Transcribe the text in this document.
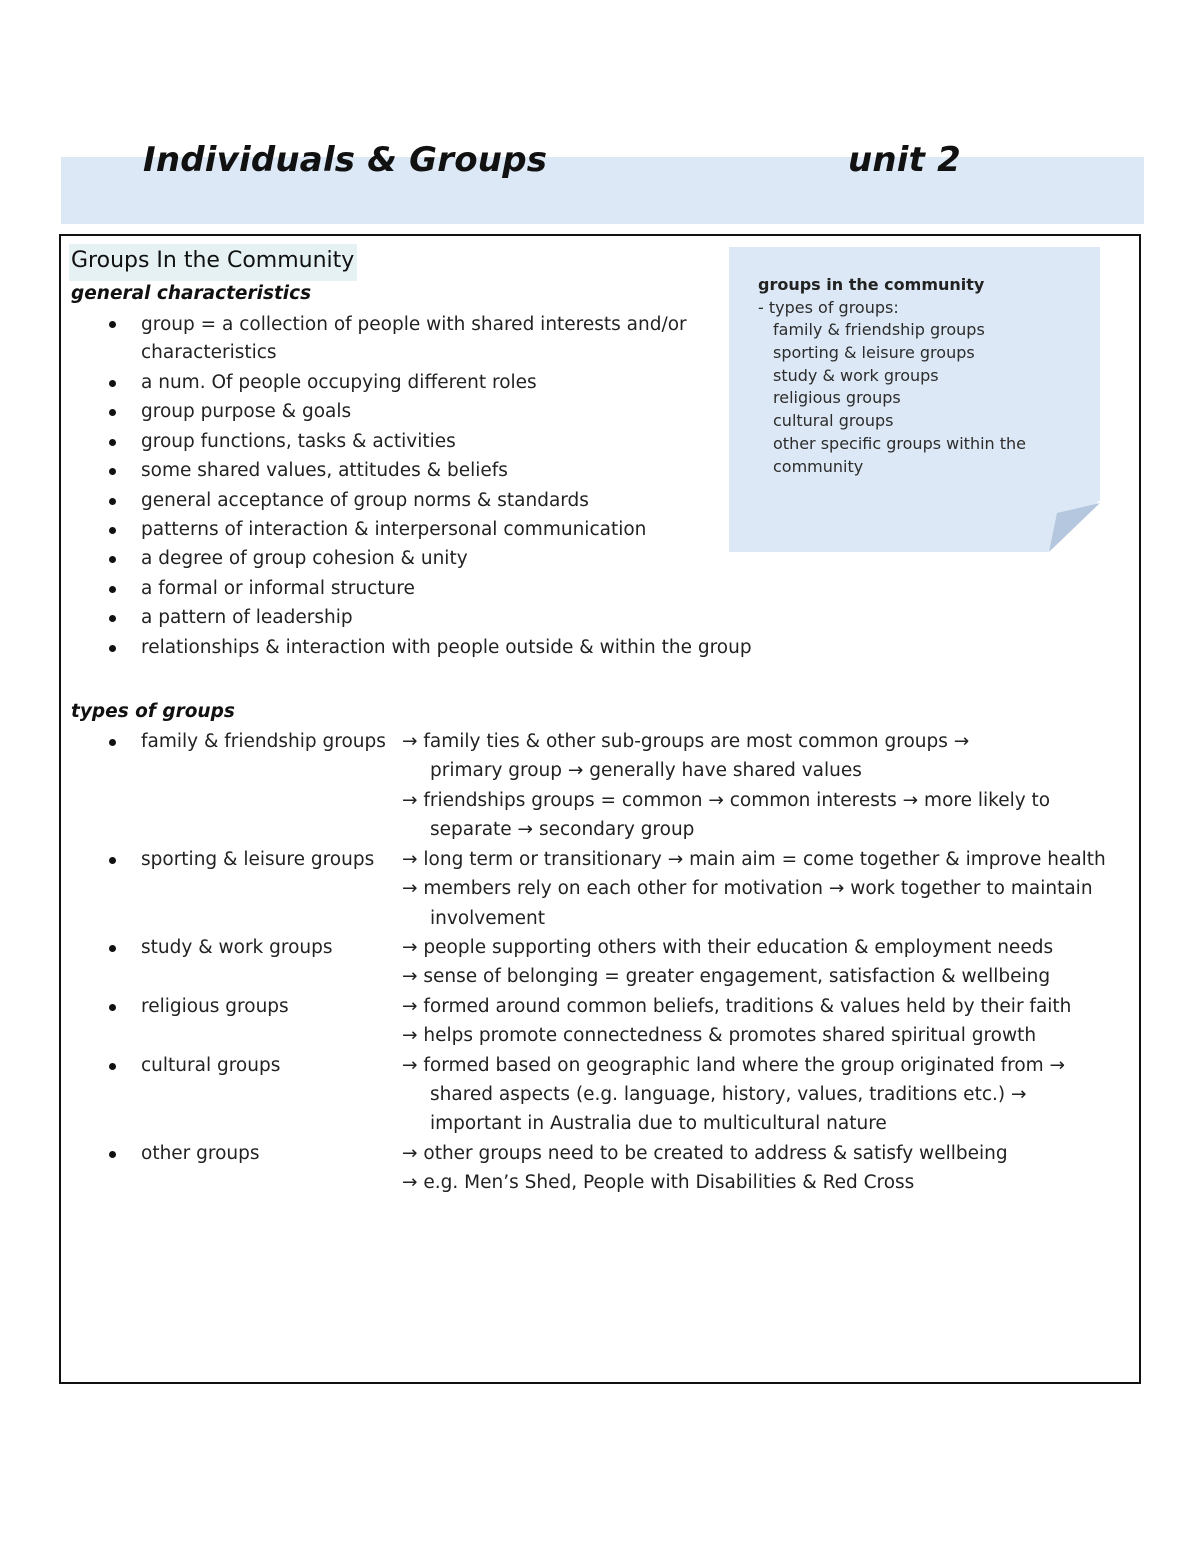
Individuals & Groups	unit 2
Groups In the Community
general characteristics
group = a collection of people with shared interests and/or
characteristics
a num. Of people occupying different roles
group purpose & goals
group functions, tasks & activities
some shared values, attitudes & beliefs
general acceptance of group norms & standards
patterns of interaction & interpersonal communication
a degree of group cohesion & unity
a formal or informal structure
a pattern of leadership
relationships & interaction with people outside & within the group
types of groups
family & friendship groups → family ties & other sub-groups are most common groups →
primary group → generally have shared values
→ friendships groups = common → common interests → more likely to
separate → secondary group
sporting & leisure groups → long term or transitionary → main aim = come together & improve health
→ members rely on each other for motivation → work together to maintain
involvement
study & work groups	→ people supporting others with their education & employment needs
→ sense of belonging = greater engagement, satisfaction & wellbeing
religious groups	→ formed around common beliefs, traditions & values held by their faith
→ helps promote connectedness & promotes shared spiritual growth
cultural groups	→ formed based on geographic land where the group originated from →
shared aspects (e.g. language, history, values, traditions etc.) →
important in Australia due to multicultural nature
other groups	→ other groups need to be created to address & satisfy wellbeing
→ e.g. Men’s Shed, People with Disabilities & Red Cross
groups in the community
- types of groups:
family & friendship groups
sporting & leisure groups
study & work groups
religious groups
cultural groups
other specific groups within the
community
